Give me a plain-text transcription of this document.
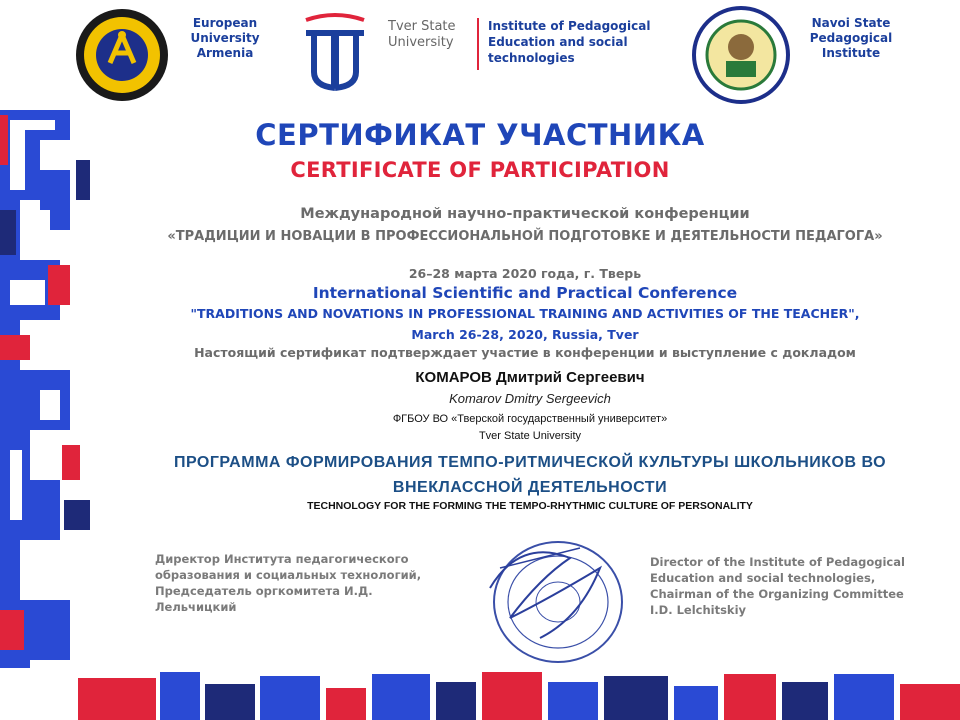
European University Armenia
Tver State University
Institute of Pedagogical Education and social technologies
Navoi State Pedagogical Institute
СЕРТИФИКАТ УЧАСТНИКА
CERTIFICATE OF PARTICIPATION
Международной научно-практической конференции
«ТРАДИЦИИ И НОВАЦИИ В ПРОФЕССИОНАЛЬНОЙ ПОДГОТОВКЕ И ДЕЯТЕЛЬНОСТИ ПЕДАГОГА»
26–28 марта 2020 года, г. Тверь
International Scientific and Practical Conference
"TRADITIONS AND NOVATIONS IN PROFESSIONAL TRAINING AND ACTIVITIES OF THE TEACHER",
March 26-28, 2020, Russia, Tver
Настоящий сертификат подтверждает участие в конференции и выступление с докладом
КОМАРОВ Дмитрий Сергеевич
Komarov Dmitry Sergeevich
ФГБОУ ВО «Тверской государственный университет»
Tver State University
ПРОГРАММА ФОРМИРОВАНИЯ ТЕМПО-РИТМИЧЕСКОЙ КУЛЬТУРЫ ШКОЛЬНИКОВ ВО ВНЕКЛАССНОЙ ДЕЯТЕЛЬНОСТИ
TECHNOLOGY FOR THE FORMING THE TEMPO-RHYTHMIC CULTURE OF PERSONALITY
Директор Института педагогического образования и социальных технологий, Председатель оргкомитета И.Д. Лельчицкий
Director of the Institute of Pedagogical Education and social technologies, Chairman of the Organizing Committee I.D. Lelchitskiy
